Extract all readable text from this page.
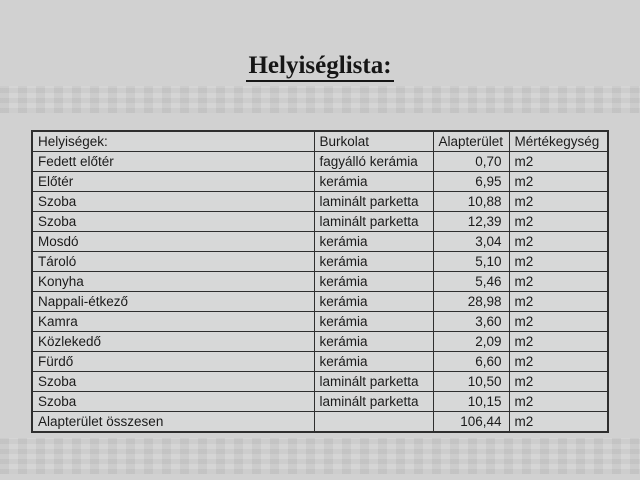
Helyiséglista:
Helyiségek:	Burkolat	Alapterület	Mértékegység
Fedett előtér	fagyálló kerámia	0,70	m2
Előtér	kerámia	6,95	m2
Szoba	laminált parketta	10,88	m2
Szoba	laminált parketta	12,39	m2
Mosdó	kerámia	3,04	m2
Tároló	kerámia	5,10	m2
Konyha	kerámia	5,46	m2
Nappali-étkező	kerámia	28,98	m2
Kamra	kerámia	3,60	m2
Közlekedő	kerámia	2,09	m2
Fürdő	kerámia	6,60	m2
Szoba	laminált parketta	10,50	m2
Szoba	laminált parketta	10,15	m2
Alapterület összesen		106,44	m2
